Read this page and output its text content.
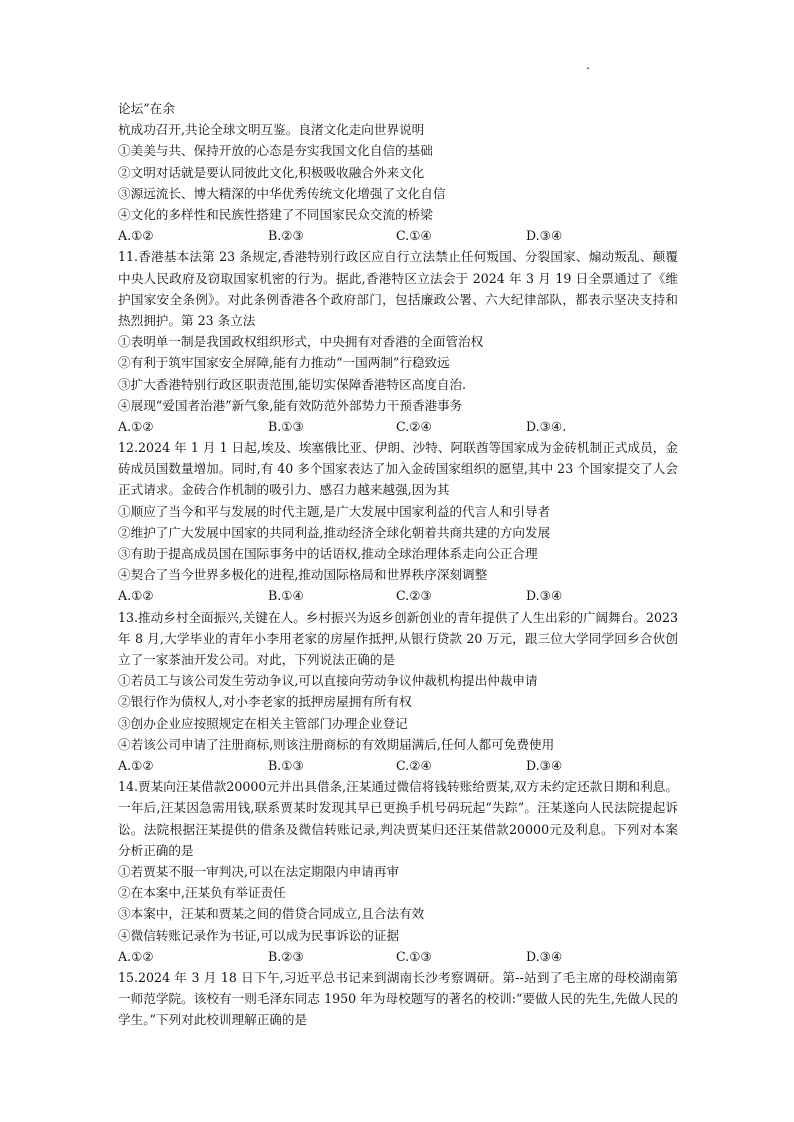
.

论坛”在余

杭成功召开,共论全球文明互鉴。良渚文化走向世界说明

①美美与共、保持开放的心态是夯实我国文化自信的基础

②文明对话就是要认同彼此文化,积极吸收融合外来文化

③源远流长、博大精深的中华优秀传统文化增强了文化自信

④文化的多样性和民族性搭建了不同国家民众交流的桥梁

A.①②	B.②③	C.①④	D.③④

11.香港基本法第 23 条规定,香港特别行政区应自行立法禁止任何叛国、分裂国家、煽动叛乱、颠覆中央人民政府及窃取国家机密的行为。据此,香港特区立法会于 2024 年 3 月 19 日全票通过了《维护国家安全条例》。对此条例香港各个政府部门，包括廉政公署、六大纪律部队，都表示坚决支持和热烈拥护。第 23 条立法

①表明单一制是我国政权组织形式，中央拥有对香港的全面管治权

②有利于筑牢国家安全屏障,能有力推动“一国两制”行稳致远

③扩大香港特别行政区职责范围,能切实保障香港特区高度自治.

④展现“爱国者治港”新气象,能有效防范外部势力干预香港事务

A.①②	B.①③	C.②④	D.③④.

12.2024 年 1 月 1 日起,埃及、埃塞俄比亚、伊朗、沙特、阿联酋等国家成为金砖机制正式成员，金砖成员国数量增加。同时,有 40 多个国家表达了加入金砖国家组织的愿望,其中 23 个国家提交了人会正式请求。金砖合作机制的吸引力、感召力越来越强,因为其

①顺应了当今和平与发展的时代主题,是广大发展中国家利益的代言人和引导者

②维护了广大发展中国家的共同利益,推动经济全球化朝着共商共建的方向发展

③有助于提高成员国在国际事务中的话语权,推动全球治理体系走向公正合理

④契合了当今世界多极化的进程,推动国际格局和世界秩序深刻调整

A.①②	B.①④	C.②③	D.③④

13.推动乡村全面振兴,关键在人。乡村振兴为返乡创新创业的青年提供了人生出彩的广阔舞台。2023 年 8 月,大学毕业的青年小李用老家的房屋作抵押,从银行贷款 20 万元，跟三位大学同学回乡合伙创立了一家茶油开发公司。对此，下列说法正确的是

①若员工与该公司发生劳动争议,可以直接向劳动争议仲裁机构提出仲裁申请

②银行作为债权人,对小李老家的抵押房屋拥有所有权

③创办企业应按照规定在相关主管部门办理企业登记

④若该公司申请了注册商标,则该注册商标的有效期届满后,任何人都可免费使用

A.①②	B.①③	C.②④	D.③④

14.贾某向汪某借款20000元并出具借条,汪某通过微信将钱转账给贾某,双方未约定还款日期和利息。一年后,汪某因急需用钱,联系贾某时发现其早已更换手机号码玩起“失踪”。汪某遂向人民法院提起诉讼。法院根据汪某提供的借条及微信转账记录,判决贾某归还汪某借款20000元及利息。下列对本案分析正确的是

①若贾某不服一审判决,可以在法定期限内申请再审

②在本案中,汪某负有举证责任

③本案中，汪某和贾某之间的借贷合同成立,且合法有效

④微信转账记录作为书证,可以成为民事诉讼的证据

A.①②	B.②③	C.①③	D.③④

15.2024 年 3 月 18 日下午,习近平总书记来到湖南长沙考察调研。第--站到了毛主席的母校湖南第一师范学院。该校有一则毛泽东同志 1950 年为母校题写的著名的校训:“要做人民的先生,先做人民的学生。”下列对此校训理解正确的是
